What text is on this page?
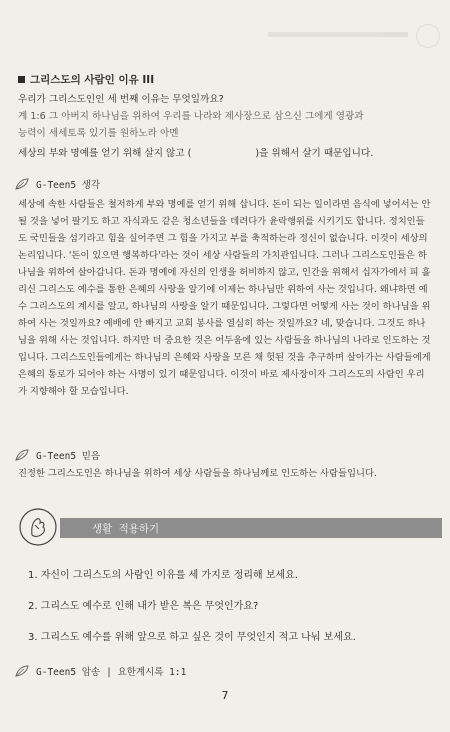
그리스도의 사람인 이유 III
우리가 그리스도인인 세 번째 이유는 무엇일까요?
계 1:6 그 아버지 하나님을 위하여 우리를 나라와 제사장으로 삼으신 그에게 영광과
능력이 세세토록 있기를 원하노라 아멘
세상의 부와 명예를 얻기 위해 살지 않고 (	)을 위해서 살기 때문입니다.
G-Teen5 생각
세상에 속한 사람들은 철저하게 부와 명예를 얻기 위해 삽니다. 돈이 되는 일이라면 음식에 넣어서는 안 될 것을 넣어 팔기도 하고 자식과도 같은 청소년들을 데려다가 윤락행위를 시키기도 합니다. 정치인들도 국민들을 섬기라고 힘을 실어주면 그 힘을 가지고 부를 축적하는라 정신이 없습니다. 이것이 세상의 논리입니다. '돈이 있으면 행복하다'라는 것이 세상 사람들의 가치관입니다. 그러나 그리스도인들은 하나님을 위하여 살아갑니다. 돈과 명예에 자신의 인생을 허비하지 않고, 인간을 위해서 십자가에서 피 흘리신 그리스도 예수를 통한 은혜의 사랑을 알기에 이제는 하나님만 위하여 사는 것입니다. 왜냐하면 예수 그리스도의 계시를 알고, 하나님의 사랑을 알기 때문입니다. 그렇다면 어떻게 사는 것이 하나님을 위하여 사는 것일까요? 예배에 안 빠지고 교회 봉사를 열심히 하는 것일까요? 네, 맞습니다. 그것도 하나님을 위해 사는 것입니다. 하지만 더 중요한 것은 어두움에 있는 사람들을 하나님의 나라로 인도하는 것입니다. 그리스도인들에게는 하나님의 은혜와 사랑을 모른 채 헛된 것을 추구하며 살아가는 사람들에게 은혜의 통로가 되어야 하는 사명이 있기 때문입니다. 이것이 바로 제사장이자 그리스도의 사람인 우리가 지향해야 할 모습입니다.
G-Teen5 믿음
진정한 그리스도인은 하나님을 위하여 세상 사람들을 하나님께로 인도하는 사람들입니다.
생활 적용하기
1. 자신이 그리스도의 사람인 이유를 세 가지로 정리해 보세요.
2. 그리스도 예수로 인해 내가 받은 복은 무엇인가요?
3. 그리스도 예수를 위해 앞으로 하고 싶은 것이 무엇인지 적고 나눠 보세요.
G-Teen5 암송 | 요한계시록 1:1
7
